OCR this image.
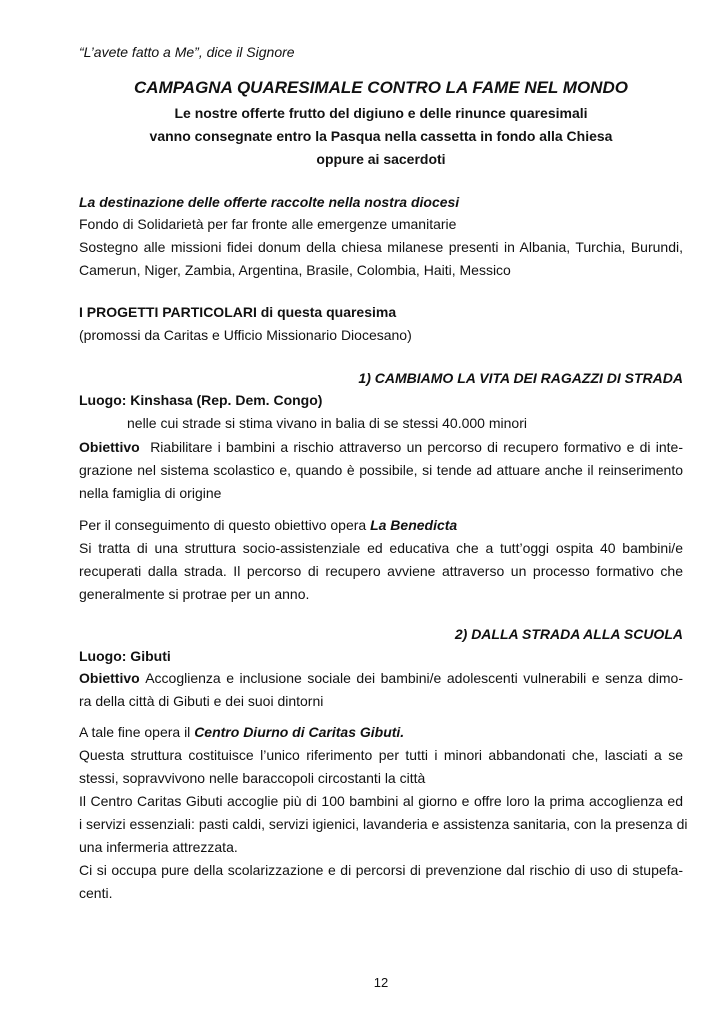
“L’avete fatto a Me”, dice il Signore
CAMPAGNA QUARESIMALE CONTRO LA FAME NEL MONDO
Le nostre offerte frutto del digiuno e delle rinunce quaresimali
vanno consegnate entro la Pasqua nella cassetta in fondo alla Chiesa
oppure ai sacerdoti
La destinazione delle offerte raccolte nella nostra diocesi
Fondo di Solidarietà per far fronte alle emergenze umanitarie
Sostegno alle missioni fidei donum della chiesa milanese presenti in Albania, Turchia, Burundi,
Camerun, Niger, Zambia, Argentina, Brasile, Colombia, Haiti, Messico
I PROGETTI PARTICOLARI di questa quaresima
(promossi da Caritas e Ufficio Missionario Diocesano)
1) CAMBIAMO LA VITA DEI RAGAZZI DI STRADA
Luogo: Kinshasa (Rep. Dem. Congo)
nelle cui strade si stima vivano in balia di se stessi 40.000 minori
Obiettivo Riabilitare i bambini a rischio attraverso un percorso di recupero formativo e di inte-
grazione nel sistema scolastico e, quando è possibile, si tende ad attuare anche il reinserimento
nella famiglia di origine
Per il conseguimento di questo obiettivo opera La Benedicta
Si tratta di una struttura socio-assistenziale ed educativa che a tutt’oggi ospita 40 bambini/e
recuperati dalla strada. Il percorso di recupero avviene attraverso un processo formativo che
generalmente si protrae per un anno.
2) DALLA STRADA ALLA SCUOLA
Luogo: Gibuti
Obiettivo Accoglienza e inclusione sociale dei bambini/e adolescenti vulnerabili e senza dimo-
ra della città di Gibuti e dei suoi dintorni
A tale fine opera il Centro Diurno di Caritas Gibuti.
Questa struttura costituisce l’unico riferimento per tutti i minori abbandonati che, lasciati a se
stessi, sopravvivono nelle baraccopoli circostanti la città
Il Centro Caritas Gibuti accoglie più di 100 bambini al giorno e offre loro la prima accoglienza ed
i servizi essenziali: pasti caldi, servizi igienici, lavanderia e assistenza sanitaria, con la presenza di
una infermeria attrezzata.
Ci si occupa pure della scolarizzazione e di percorsi di prevenzione dal rischio di uso di stupefa-
centi.
12
